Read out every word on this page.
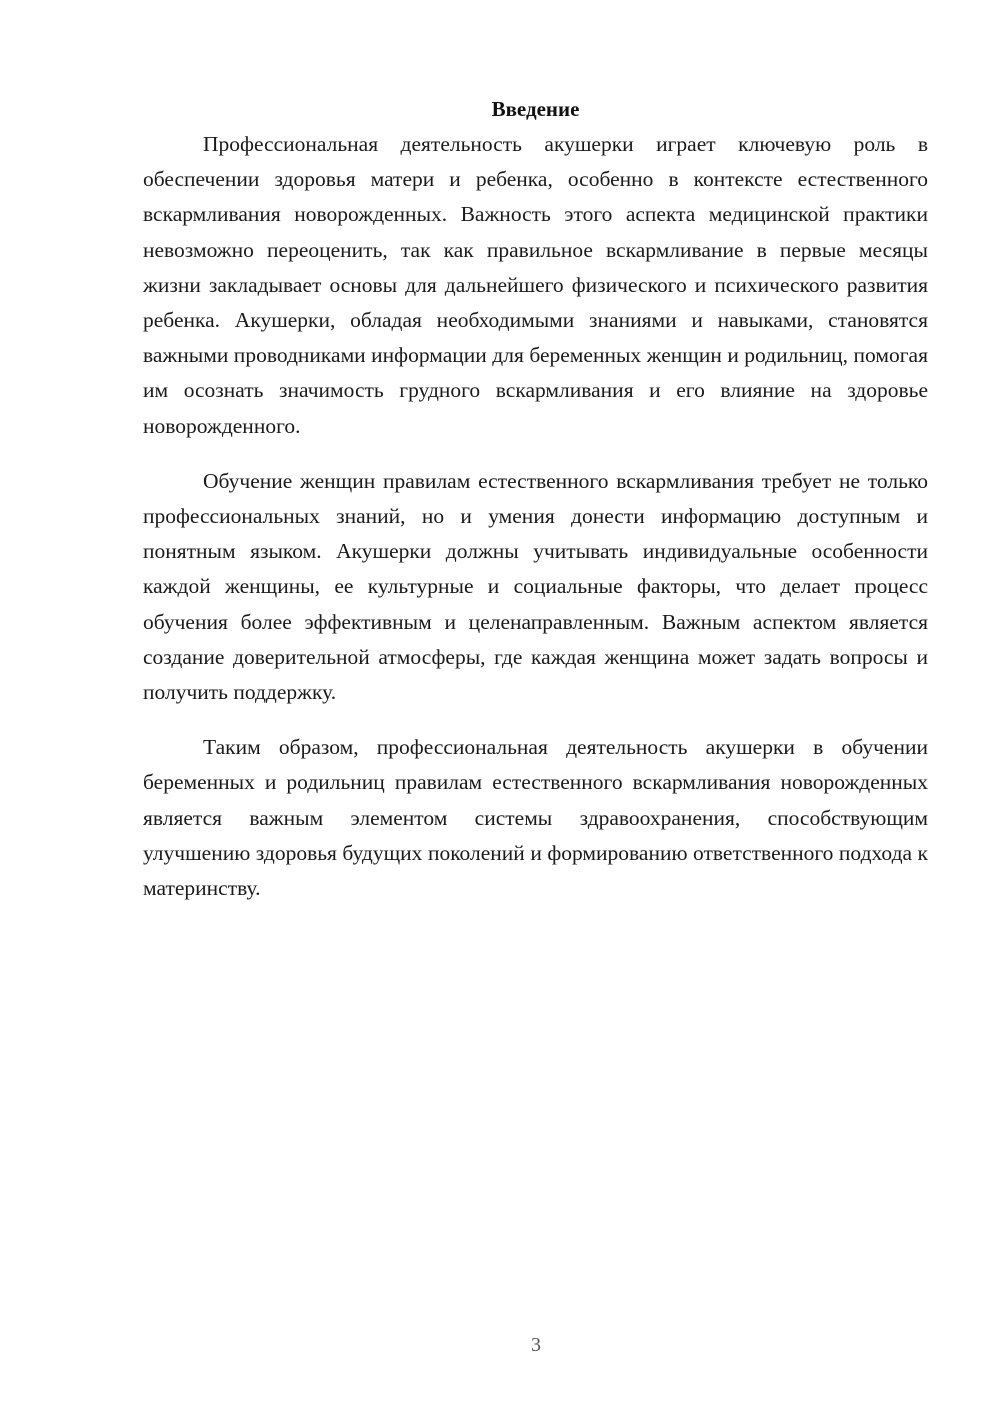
Введение

Профессиональная деятельность акушерки играет ключевую роль в обеспечении здоровья матери и ребенка, особенно в контексте естественного вскармливания новорожденных. Важность этого аспекта медицинской практики невозможно переоценить, так как правильное вскармливание в первые месяцы жизни закладывает основы для дальнейшего физического и психического развития ребенка. Акушерки, обладая необходимыми знаниями и навыками, становятся важными проводниками информации для беременных женщин и родильниц, помогая им осознать значимость грудного вскармливания и его влияние на здоровье новорожденного.

Обучение женщин правилам естественного вскармливания требует не только профессиональных знаний, но и умения донести информацию доступным и понятным языком. Акушерки должны учитывать индивидуальные особенности каждой женщины, ее культурные и социальные факторы, что делает процесс обучения более эффективным и целенаправленным. Важным аспектом является создание доверительной атмосферы, где каждая женщина может задать вопросы и получить поддержку.

Таким образом, профессиональная деятельность акушерки в обучении беременных и родильниц правилам естественного вскармливания новорожденных является важным элементом системы здравоохранения, способствующим улучшению здоровья будущих поколений и формированию ответственного подхода к материнству.

3
